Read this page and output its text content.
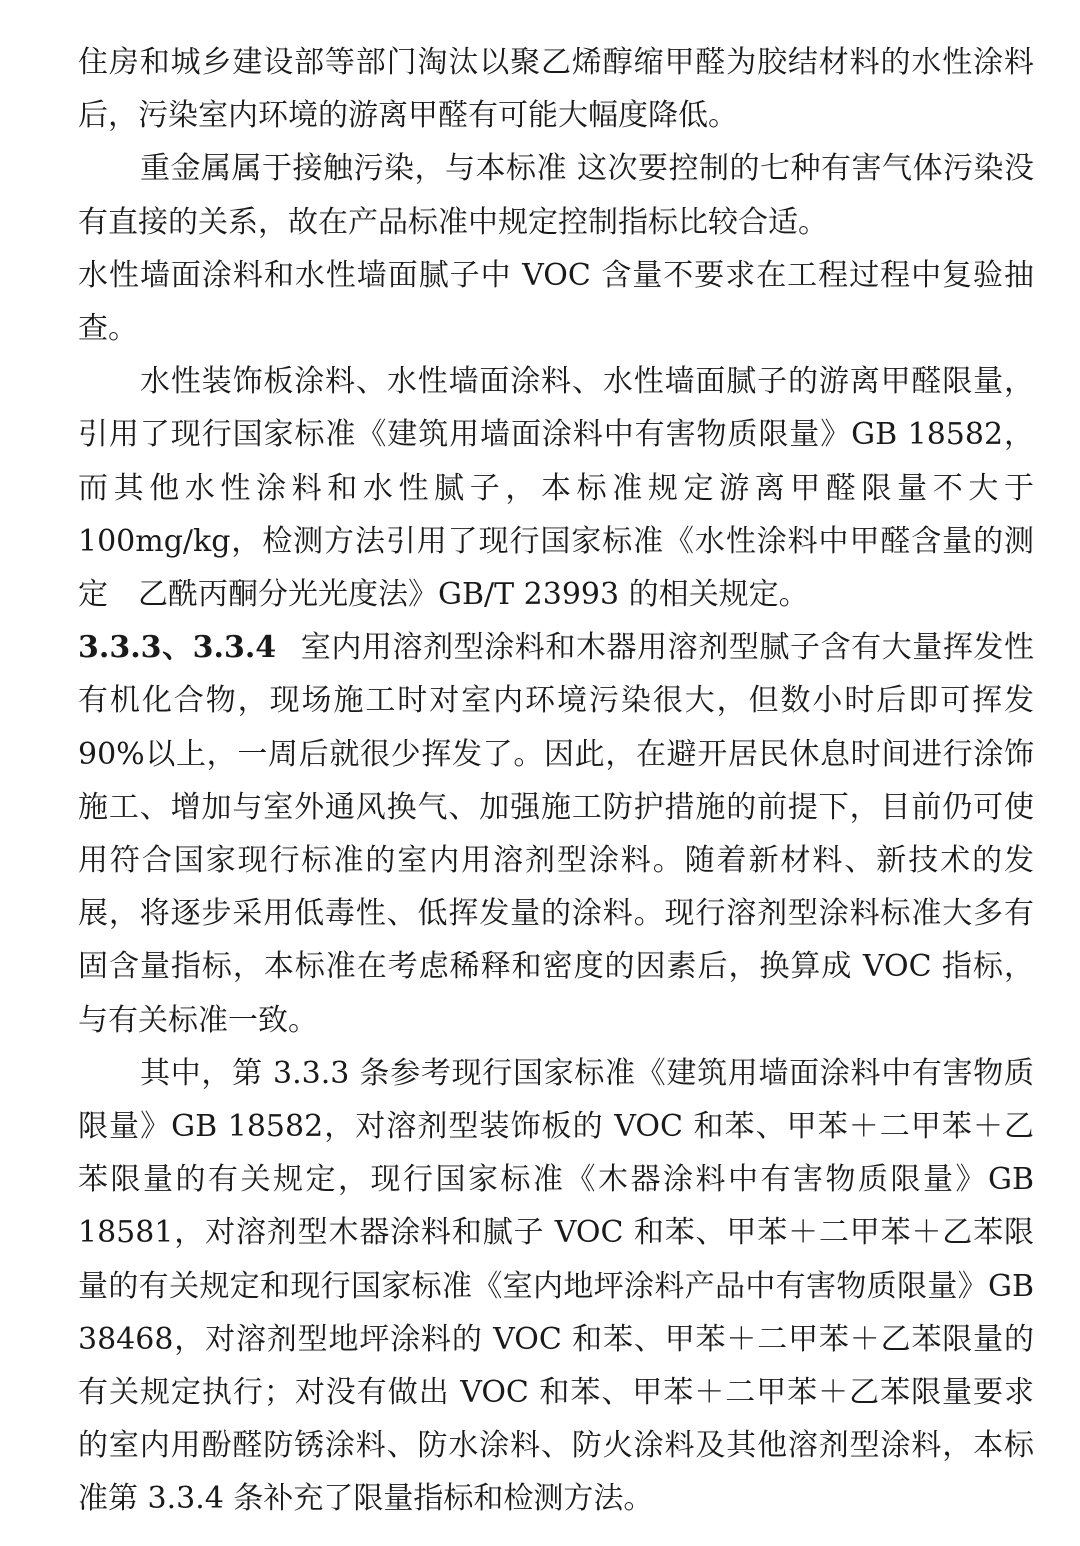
住房和城乡建设部等部门淘汰以聚乙烯醇缩甲醛为胶结材料的水性涂料后，污染室内环境的游离甲醛有可能大幅度降低。

重金属属于接触污染，与本标准 这次要控制的七种有害气体污染没有直接的关系，故在产品标准中规定控制指标比较合适。

水性墙面涂料和水性墙面腻子中 VOC 含量不要求在工程过程中复验抽查。

水性装饰板涂料、水性墙面涂料、水性墙面腻子的游离甲醛限量，引用了现行国家标准《建筑用墙面涂料中有害物质限量》GB 18582，而其他水性涂料和水性腻子，本标准规定游离甲醛限量不大于 100mg/kg，检测方法引用了现行国家标准《水性涂料中甲醛含量的测定　乙酰丙酮分光光度法》GB/T 23993 的相关规定。

3.3.3、3.3.4 室内用溶剂型涂料和木器用溶剂型腻子含有大量挥发性有机化合物，现场施工时对室内环境污染很大，但数小时后即可挥发 90%以上，一周后就很少挥发了。因此，在避开居民休息时间进行涂饰施工、增加与室外通风换气、加强施工防护措施的前提下，目前仍可使用符合国家现行标准的室内用溶剂型涂料。随着新材料、新技术的发展，将逐步采用低毒性、低挥发量的涂料。现行溶剂型涂料标准大多有固含量指标，本标准在考虑稀释和密度的因素后，换算成 VOC 指标，与有关标准一致。

其中，第 3.3.3 条参考现行国家标准《建筑用墙面涂料中有害物质限量》GB 18582，对溶剂型装饰板的 VOC 和苯、甲苯＋二甲苯＋乙苯限量的有关规定，现行国家标准《木器涂料中有害物质限量》GB 18581，对溶剂型木器涂料和腻子 VOC 和苯、甲苯＋二甲苯＋乙苯限量的有关规定和现行国家标准《室内地坪涂料产品中有害物质限量》GB 38468，对溶剂型地坪涂料的 VOC 和苯、甲苯＋二甲苯＋乙苯限量的有关规定执行；对没有做出 VOC 和苯、甲苯＋二甲苯＋乙苯限量要求的室内用酚醛防锈涂料、防水涂料、防火涂料及其他溶剂型涂料，本标准第 3.3.4 条补充了限量指标和检测方法。
